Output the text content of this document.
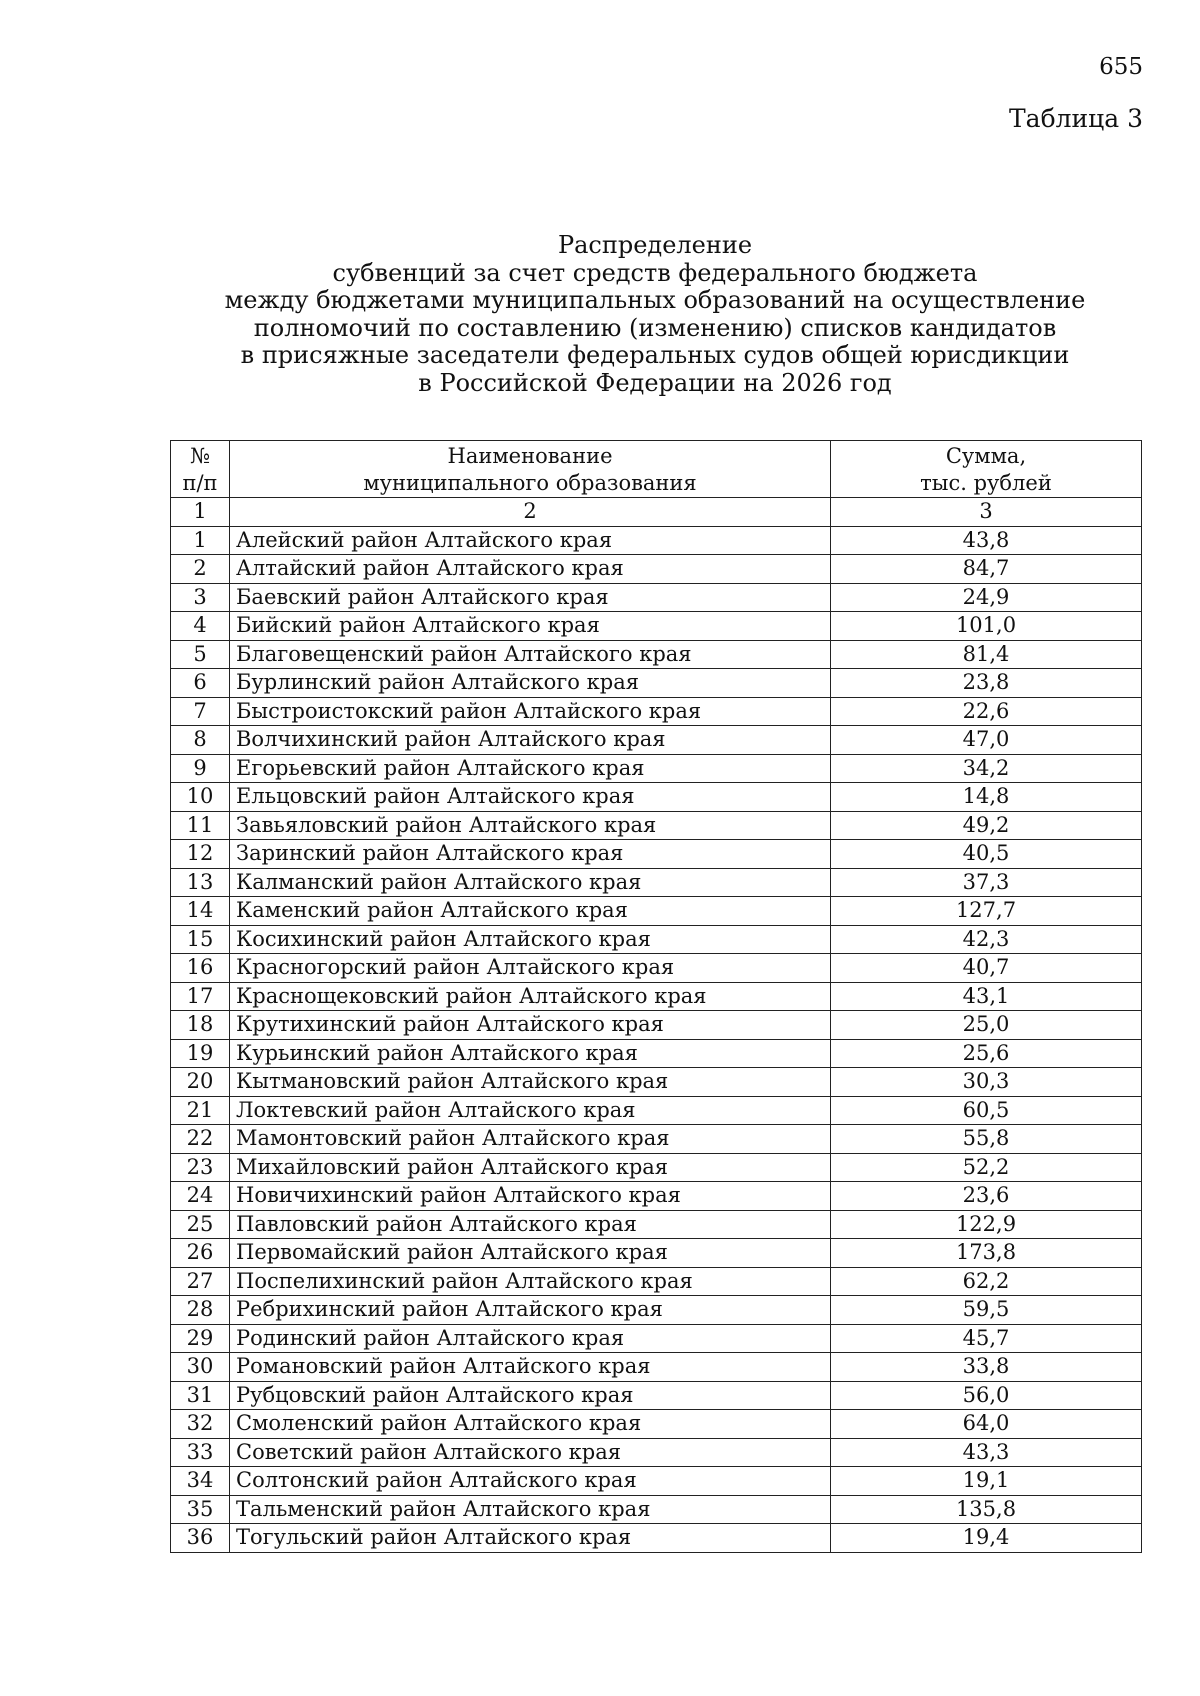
655
Таблица 3
Распределение
субвенций за счет средств федерального бюджета
между бюджетами муниципальных образований на осуществление
полномочий по составлению (изменению) списков кандидатов
в присяжные заседатели федеральных судов общей юрисдикции
в Российской Федерации на 2026 год
№	Наименование	Сумма,
п/п	муниципального образования	тыс. рублей
1	2	3
1	Алейский район Алтайского края	43,8
2	Алтайский район Алтайского края	84,7
3	Баевский район Алтайского края	24,9
4	Бийский район Алтайского края	101,0
5	Благовещенский район Алтайского края	81,4
6	Бурлинский район Алтайского края	23,8
7	Быстроистокский район Алтайского края	22,6
8	Волчихинский район Алтайского края	47,0
9	Егорьевский район Алтайского края	34,2
10	Ельцовский район Алтайского края	14,8
11	Завьяловский район Алтайского края	49,2
12	Заринский район Алтайского края	40,5
13	Калманский район Алтайского края	37,3
14	Каменский район Алтайского края	127,7
15	Косихинский район Алтайского края	42,3
16	Красногорский район Алтайского края	40,7
17	Краснощековский район Алтайского края	43,1
18	Крутихинский район Алтайского края	25,0
19	Курьинский район Алтайского края	25,6
20	Кытмановский район Алтайского края	30,3
21	Локтевский район Алтайского края	60,5
22	Мамонтовский район Алтайского края	55,8
23	Михайловский район Алтайского края	52,2
24	Новичихинский район Алтайского края	23,6
25	Павловский район Алтайского края	122,9
26	Первомайский район Алтайского края	173,8
27	Поспелихинский район Алтайского края	62,2
28	Ребрихинский район Алтайского края	59,5
29	Родинский район Алтайского края	45,7
30	Романовский район Алтайского края	33,8
31	Рубцовский район Алтайского края	56,0
32	Смоленский район Алтайского края	64,0
33	Советский район Алтайского края	43,3
34	Солтонский район Алтайского края	19,1
35	Тальменский район Алтайского края	135,8
36	Тогульский район Алтайского края	19,4
